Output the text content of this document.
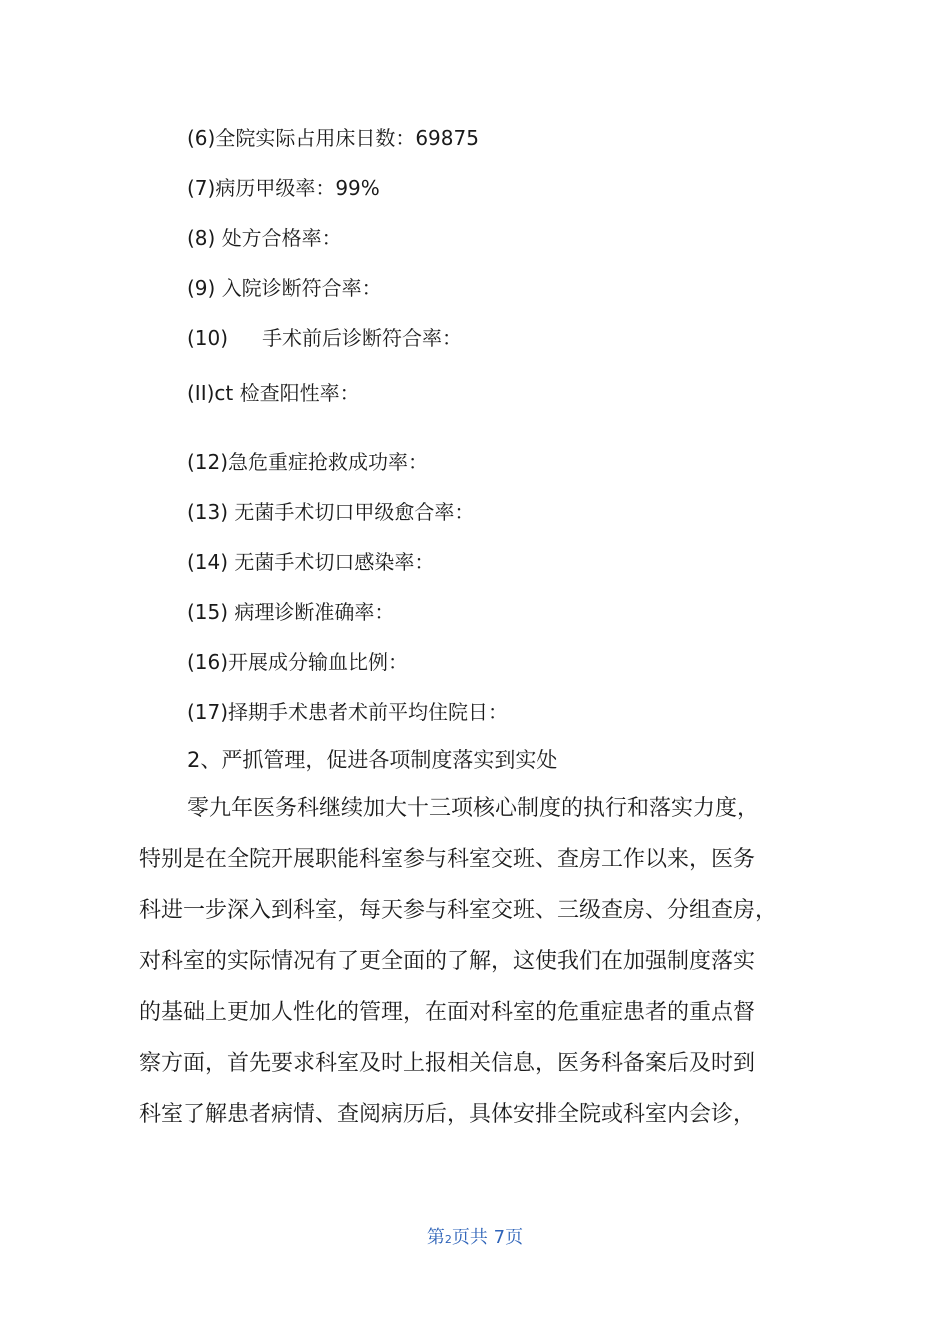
(6)全院实际占用床日数：69875
(7)病历甲级率：99%
(8) 处方合格率：
(9) 入院诊断符合率：
(10) 手术前后诊断符合率：
(II)ct 检查阳性率：
(12)急危重症抢救成功率：
(13) 无菌手术切口甲级愈合率：
(14) 无菌手术切口感染率：
(15) 病理诊断准确率：
(16)开展成分输血比例：
(17)择期手术患者术前平均住院日：
2、严抓管理，促进各项制度落实到实处
零九年医务科继续加大十三项核心制度的执行和落实力度，
特别是在全院开展职能科室参与科室交班、查房工作以来，医务
科进一步深入到科室，每天参与科室交班、三级查房、分组查房，
对科室的实际情况有了更全面的了解，这使我们在加强制度落实
的基础上更加人性化的管理，在面对科室的危重症患者的重点督
察方面，首先要求科室及时上报相关信息，医务科备案后及时到
科室了解患者病情、查阅病历后，具体安排全院或科室内会诊，
第2页共 7页
